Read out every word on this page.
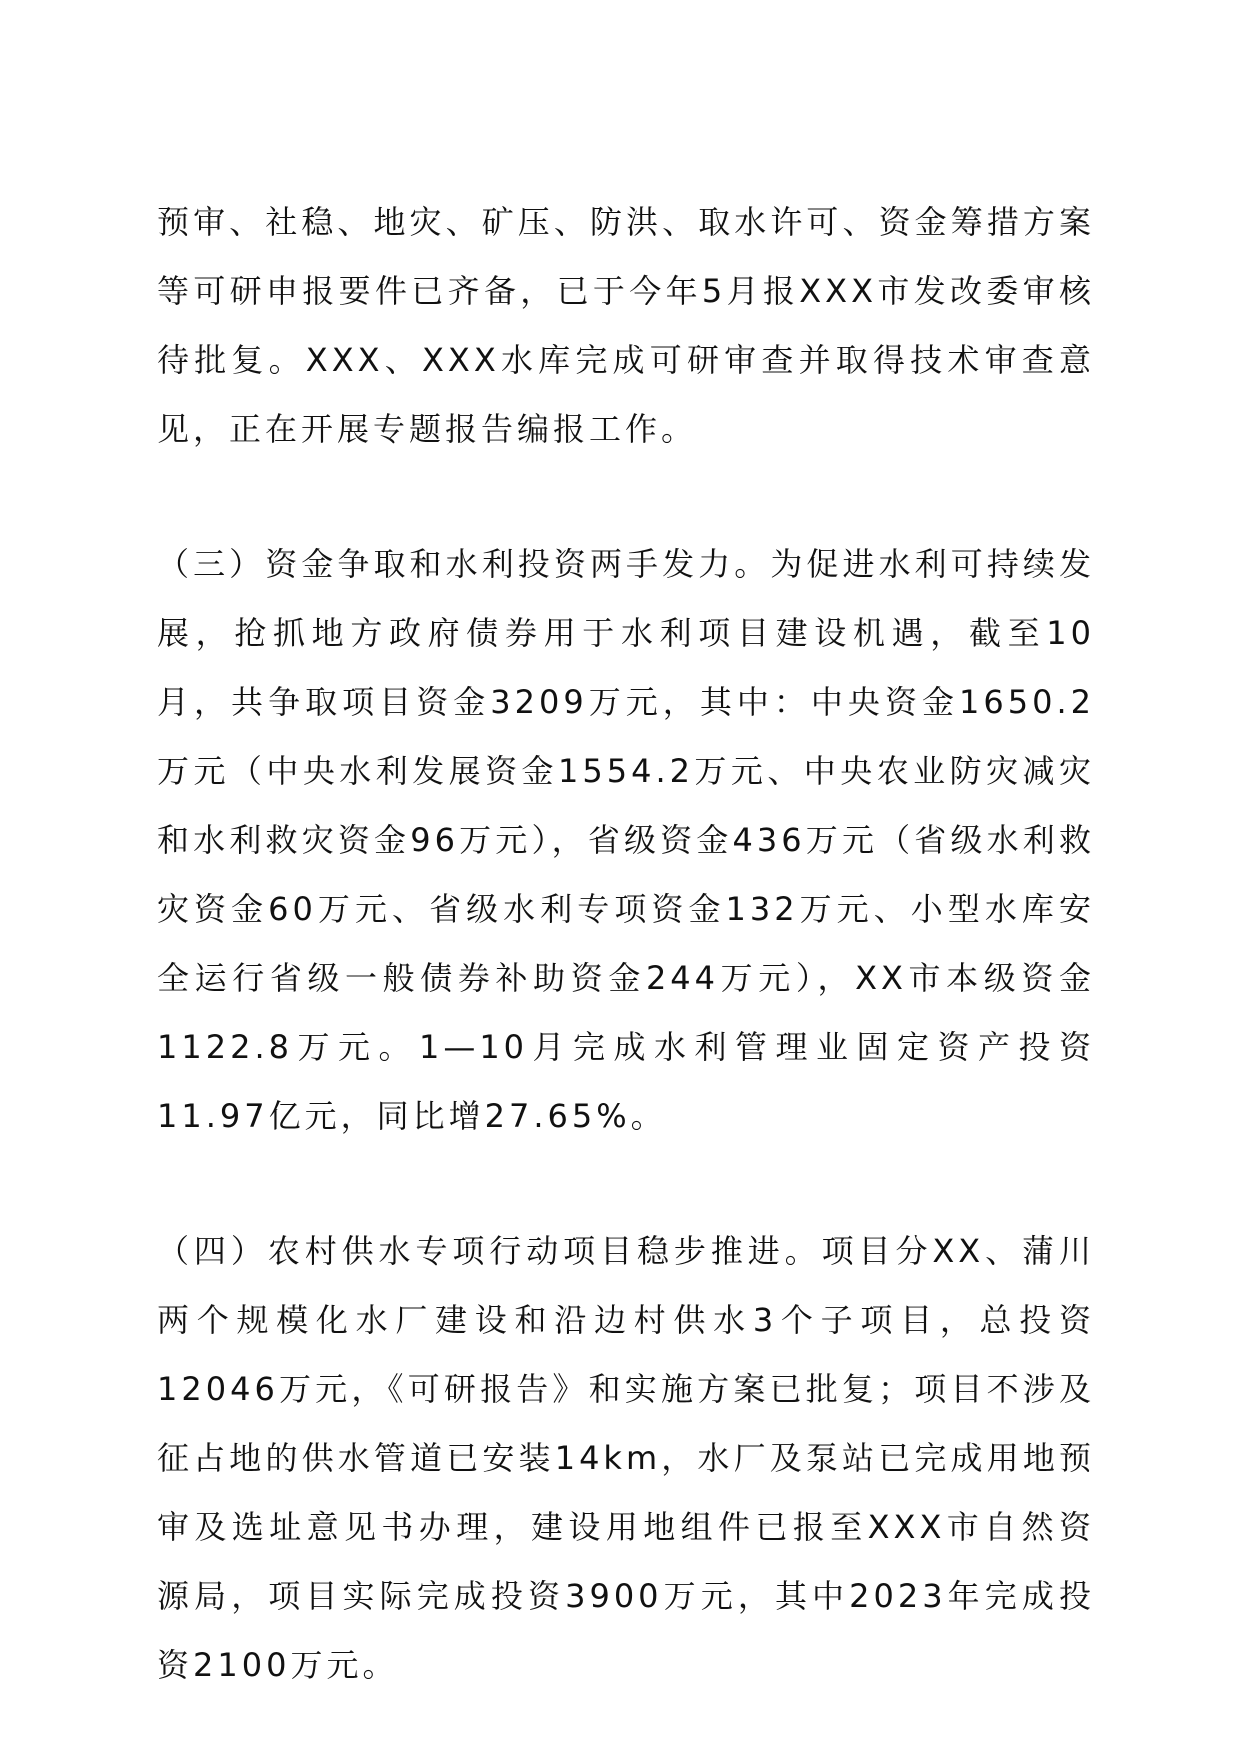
预审、社稳、地灾、矿压、防洪、取水许可、资金筹措方案等可研申报要件已齐备，已于今年5月报XXX市发改委审核待批复。XXX、XXX水库完成可研审查并取得技术审查意见，正在开展专题报告编报工作。

（三）资金争取和水利投资两手发力。为促进水利可持续发展，抢抓地方政府债券用于水利项目建设机遇，截至10月，共争取项目资金3209万元，其中：中央资金1650.2万元（中央水利发展资金1554.2万元、中央农业防灾减灾和水利救灾资金96万元），省级资金436万元（省级水利救灾资金60万元、省级水利专项资金132万元、小型水库安全运行省级一般债券补助资金244万元），XX市本级资金1122.8万元。1—10月完成水利管理业固定资产投资11.97亿元，同比增27.65%。

（四）农村供水专项行动项目稳步推进。项目分XX、蒲川两个规模化水厂建设和沿边村供水3个子项目，总投资12046万元，《可研报告》和实施方案已批复；项目不涉及征占地的供水管道已安装14km，水厂及泵站已完成用地预审及选址意见书办理，建设用地组件已报至XXX市自然资源局，项目实际完成投资3900万元，其中2023年完成投资2100万元。
